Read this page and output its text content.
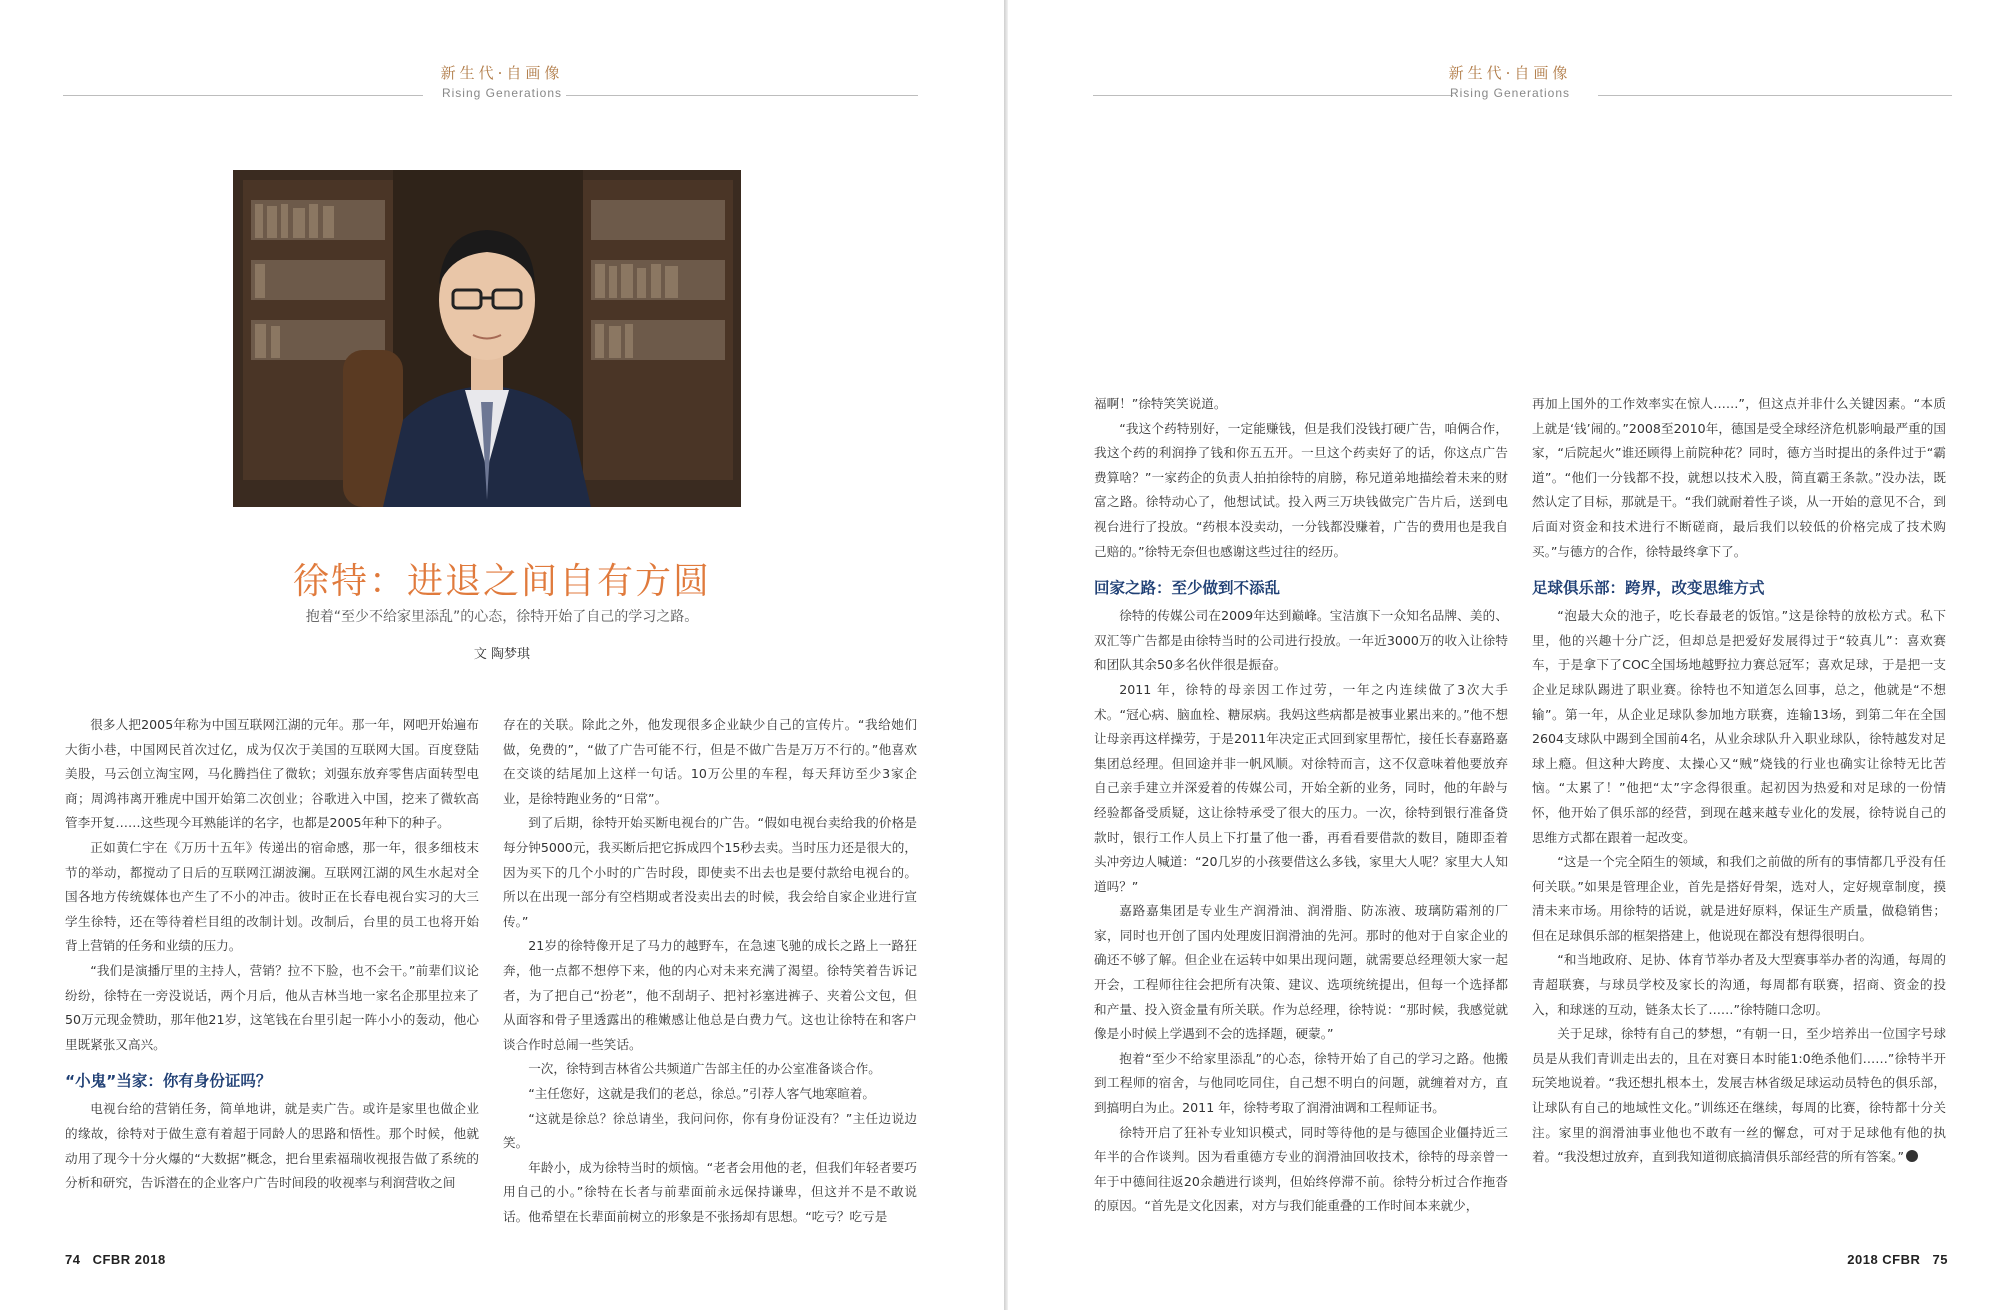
新生代·自画像
Rising Generations
徐特：进退之间自有方圆
抱着“至少不给家里添乱”的心态，徐特开始了自己的学习之路。
文 陶梦琪

很多人把2005年称为中国互联网江湖的元年。那一年，网吧开始遍布大街小巷，中国网民首次过亿，成为仅次于美国的互联网大国。百度登陆美股，马云创立淘宝网，马化腾挡住了微软；刘强东放弃零售店面转型电商；周鸿祎离开雅虎中国开始第二次创业；谷歌进入中国，挖来了微软高管李开复……这些现今耳熟能详的名字，也都是2005年种下的种子。

正如黄仁宇在《万历十五年》传递出的宿命感，那一年，很多细枝末节的举动，都搅动了日后的互联网江湖波澜。互联网江湖的风生水起对全国各地方传统媒体也产生了不小的冲击。彼时正在长春电视台实习的大三学生徐特，还在等待着栏目组的改制计划。改制后，台里的员工也将开始背上营销的任务和业绩的压力。

“我们是演播厅里的主持人，营销？拉不下脸，也不会干。”前辈们议论纷纷，徐特在一旁没说话，两个月后，他从吉林当地一家名企那里拉来了50万元现金赞助，那年他21岁，这笔钱在台里引起一阵小小的轰动，他心里既紧张又高兴。

“小鬼”当家：你有身份证吗？

电视台给的营销任务，简单地讲，就是卖广告。或许是家里也做企业的缘故，徐特对于做生意有着超于同龄人的思路和悟性。那个时候，他就动用了现今十分火爆的“大数据”概念，把台里索福瑞收视报告做了系统的分析和研究，告诉潜在的企业客户广告时间段的收视率与利润营收之间

存在的关联。除此之外，他发现很多企业缺少自己的宣传片。“我给她们做，免费的”，“做了广告可能不行，但是不做广告是万万不行的。”他喜欢在交谈的结尾加上这样一句话。10万公里的车程，每天拜访至少3家企业，是徐特跑业务的“日常”。

到了后期，徐特开始买断电视台的广告。“假如电视台卖给我的价格是每分钟5000元，我买断后把它拆成四个15秒去卖。当时压力还是很大的，因为买下的几个小时的广告时段，即使卖不出去也是要付款给电视台的。所以在出现一部分有空档期或者没卖出去的时候，我会给自家企业进行宣传。”

21岁的徐特像开足了马力的越野车，在急速飞驰的成长之路上一路狂奔，他一点都不想停下来，他的内心对未来充满了渴望。徐特笑着告诉记者，为了把自己“扮老”，他不刮胡子、把衬衫塞进裤子、夹着公文包，但从面容和骨子里透露出的稚嫩感让他总是白费力气。这也让徐特在和客户谈合作时总闹一些笑话。

一次，徐特到吉林省公共频道广告部主任的办公室准备谈合作。

“主任您好，这就是我们的老总，徐总。”引荐人客气地寒暄着。

“这就是徐总？徐总请坐，我问问你，你有身份证没有？”主任边说边笑。

年龄小，成为徐特当时的烦恼。“老者会用他的老，但我们年轻者要巧用自己的小。”徐特在长者与前辈面前永远保持谦卑，但这并不是不敢说话。他希望在长辈面前树立的形象是不张扬却有思想。“吃亏？吃亏是

74 CFBR 2018
新生代·自画像
Rising Generations

福啊！”徐特笑笑说道。

“我这个药特别好，一定能赚钱，但是我们没钱打硬广告，咱俩合作，我这个药的利润挣了钱和你五五开。一旦这个药卖好了的话，你这点广告费算啥？”一家药企的负责人拍拍徐特的肩膀，称兄道弟地描绘着未来的财富之路。徐特动心了，他想试试。投入两三万块钱做完广告片后，送到电视台进行了投放。“药根本没卖动，一分钱都没赚着，广告的费用也是我自己赔的。”徐特无奈但也感谢这些过往的经历。

回家之路：至少做到不添乱

徐特的传媒公司在2009年达到巅峰。宝洁旗下一众知名品牌、美的、双汇等广告都是由徐特当时的公司进行投放。一年近3000万的收入让徐特和团队其余50多名伙伴很是振奋。

2011 年，徐特的母亲因工作过劳，一年之内连续做了3次大手术。“冠心病、脑血栓、糖尿病。我妈这些病都是被事业累出来的。”他不想让母亲再这样操劳，于是2011年决定正式回到家里帮忙，接任长春嘉路嘉集团总经理。但回途并非一帆风顺。对徐特而言，这不仅意味着他要放弃自己亲手建立并深爱着的传媒公司，开始全新的业务，同时，他的年龄与经验都备受质疑，这让徐特承受了很大的压力。一次，徐特到银行准备贷款时，银行工作人员上下打量了他一番，再看看要借款的数目，随即歪着头冲旁边人喊道：“20几岁的小孩要借这么多钱，家里大人呢？家里大人知道吗？”

嘉路嘉集团是专业生产润滑油、润滑脂、防冻液、玻璃防霜剂的厂家，同时也开创了国内处理废旧润滑油的先河。那时的他对于自家企业的确还不够了解。但企业在运转中如果出现问题，就需要总经理领大家一起开会，工程师往往会把所有决策、建议、选项统统提出，但每一个选择都和产量、投入资金量有所关联。作为总经理，徐特说：“那时候，我感觉就像是小时候上学遇到不会的选择题，硬蒙。”

抱着“至少不给家里添乱”的心态，徐特开始了自己的学习之路。他搬到工程师的宿舍，与他同吃同住，自己想不明白的问题，就缠着对方，直到搞明白为止。2011 年，徐特考取了润滑油调和工程师证书。

徐特开启了狂补专业知识模式，同时等待他的是与德国企业僵持近三年半的合作谈判。因为看重德方专业的润滑油回收技术，徐特的母亲曾一年于中德间往返20余趟进行谈判，但始终停滞不前。徐特分析过合作拖沓的原因。“首先是文化因素，对方与我们能重叠的工作时间本来就少，

再加上国外的工作效率实在惊人……”，但这点并非什么关键因素。“本质上就是‘钱’闹的。”2008至2010年，德国是受全球经济危机影响最严重的国家，“后院起火”谁还顾得上前院种花？同时，德方当时提出的条件过于“霸道”。“他们一分钱都不投，就想以技术入股，简直霸王条款。”没办法，既然认定了目标，那就是干。“我们就耐着性子谈，从一开始的意见不合，到后面对资金和技术进行不断磋商，最后我们以较低的价格完成了技术购买。”与德方的合作，徐特最终拿下了。

足球俱乐部：跨界，改变思维方式

“泡最大众的池子，吃长春最老的饭馆。”这是徐特的放松方式。私下里，他的兴趣十分广泛，但却总是把爱好发展得过于“较真儿”：喜欢赛车，于是拿下了COC全国场地越野拉力赛总冠军；喜欢足球，于是把一支企业足球队踢进了职业赛。徐特也不知道怎么回事，总之，他就是“不想输”。第一年，从企业足球队参加地方联赛，连输13场，到第二年在全国2604支球队中踢到全国前4名，从业余球队升入职业球队，徐特越发对足球上瘾。但这种大跨度、太操心又“贼”烧钱的行业也确实让徐特无比苦恼。“太累了！”他把“太”字念得很重。起初因为热爱和对足球的一份情怀，他开始了俱乐部的经营，到现在越来越专业化的发展，徐特说自己的思维方式都在跟着一起改变。

“这是一个完全陌生的领域，和我们之前做的所有的事情都几乎没有任何关联。”如果是管理企业，首先是搭好骨架，选对人，定好规章制度，摸清未来市场。用徐特的话说，就是进好原料，保证生产质量，做稳销售；但在足球俱乐部的框架搭建上，他说现在都没有想得很明白。

“和当地政府、足协、体育节举办者及大型赛事举办者的沟通，每周的青超联赛，与球员学校及家长的沟通，每周都有联赛，招商、资金的投入，和球迷的互动，链条太长了……”徐特随口念叨。

关于足球，徐特有自己的梦想，“有朝一日，至少培养出一位国字号球员是从我们青训走出去的，且在对赛日本时能1:0绝杀他们……”徐特半开玩笑地说着。“我还想扎根本土，发展吉林省级足球运动员特色的俱乐部，让球队有自己的地域性文化。”训练还在继续，每周的比赛，徐特都十分关注。家里的润滑油事业他也不敢有一丝的懈怠，可对于足球他有他的执着。“我没想过放弃，直到我知道彻底搞清俱乐部经营的所有答案。”

2018 CFBR 75
